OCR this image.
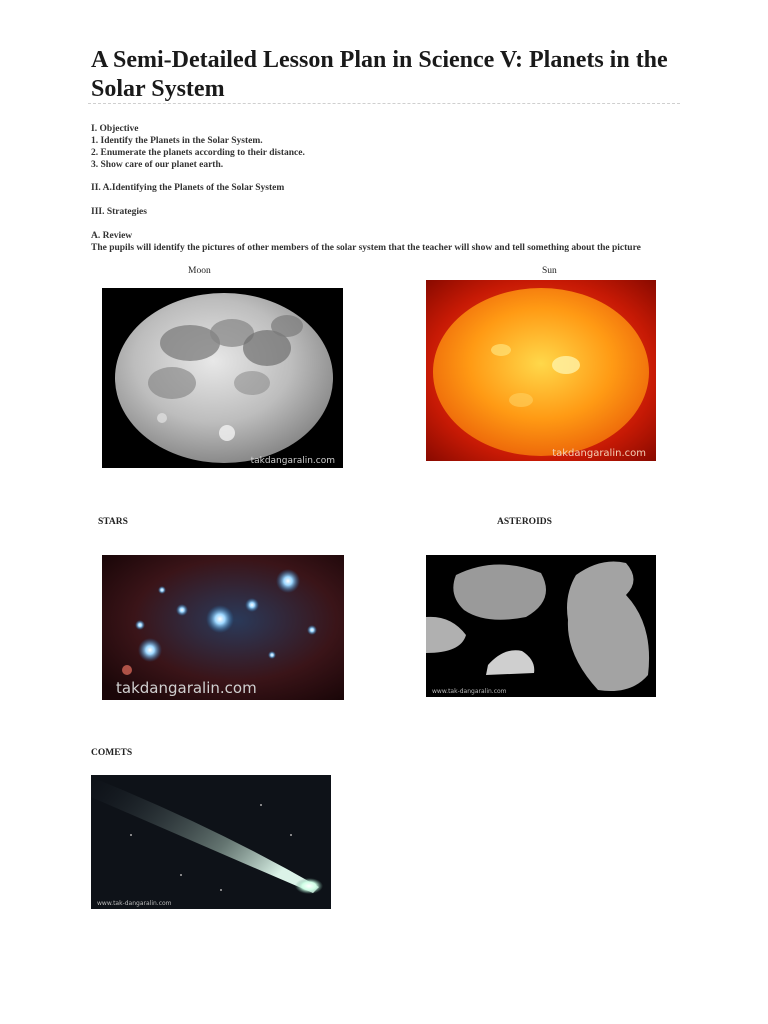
A Semi-Detailed Lesson Plan in Science V: Planets in the Solar System
I. Objective
1. Identify the Planets in the Solar System.
2. Enumerate the planets according to their distance.
3. Show care of our planet earth.
II. A.Identifying the Planets of the Solar System
III. Strategies
A. Review
The pupils will identify the pictures of other members of the solar system that the teacher will show and tell something about the picture
Moon
takdangaralin.com
Sun
takdangaralin.com
STARS
takdangaralin.com
ASTEROIDS
www.tak-dangaralin.com
COMETS
www.tak-dangaralin.com
